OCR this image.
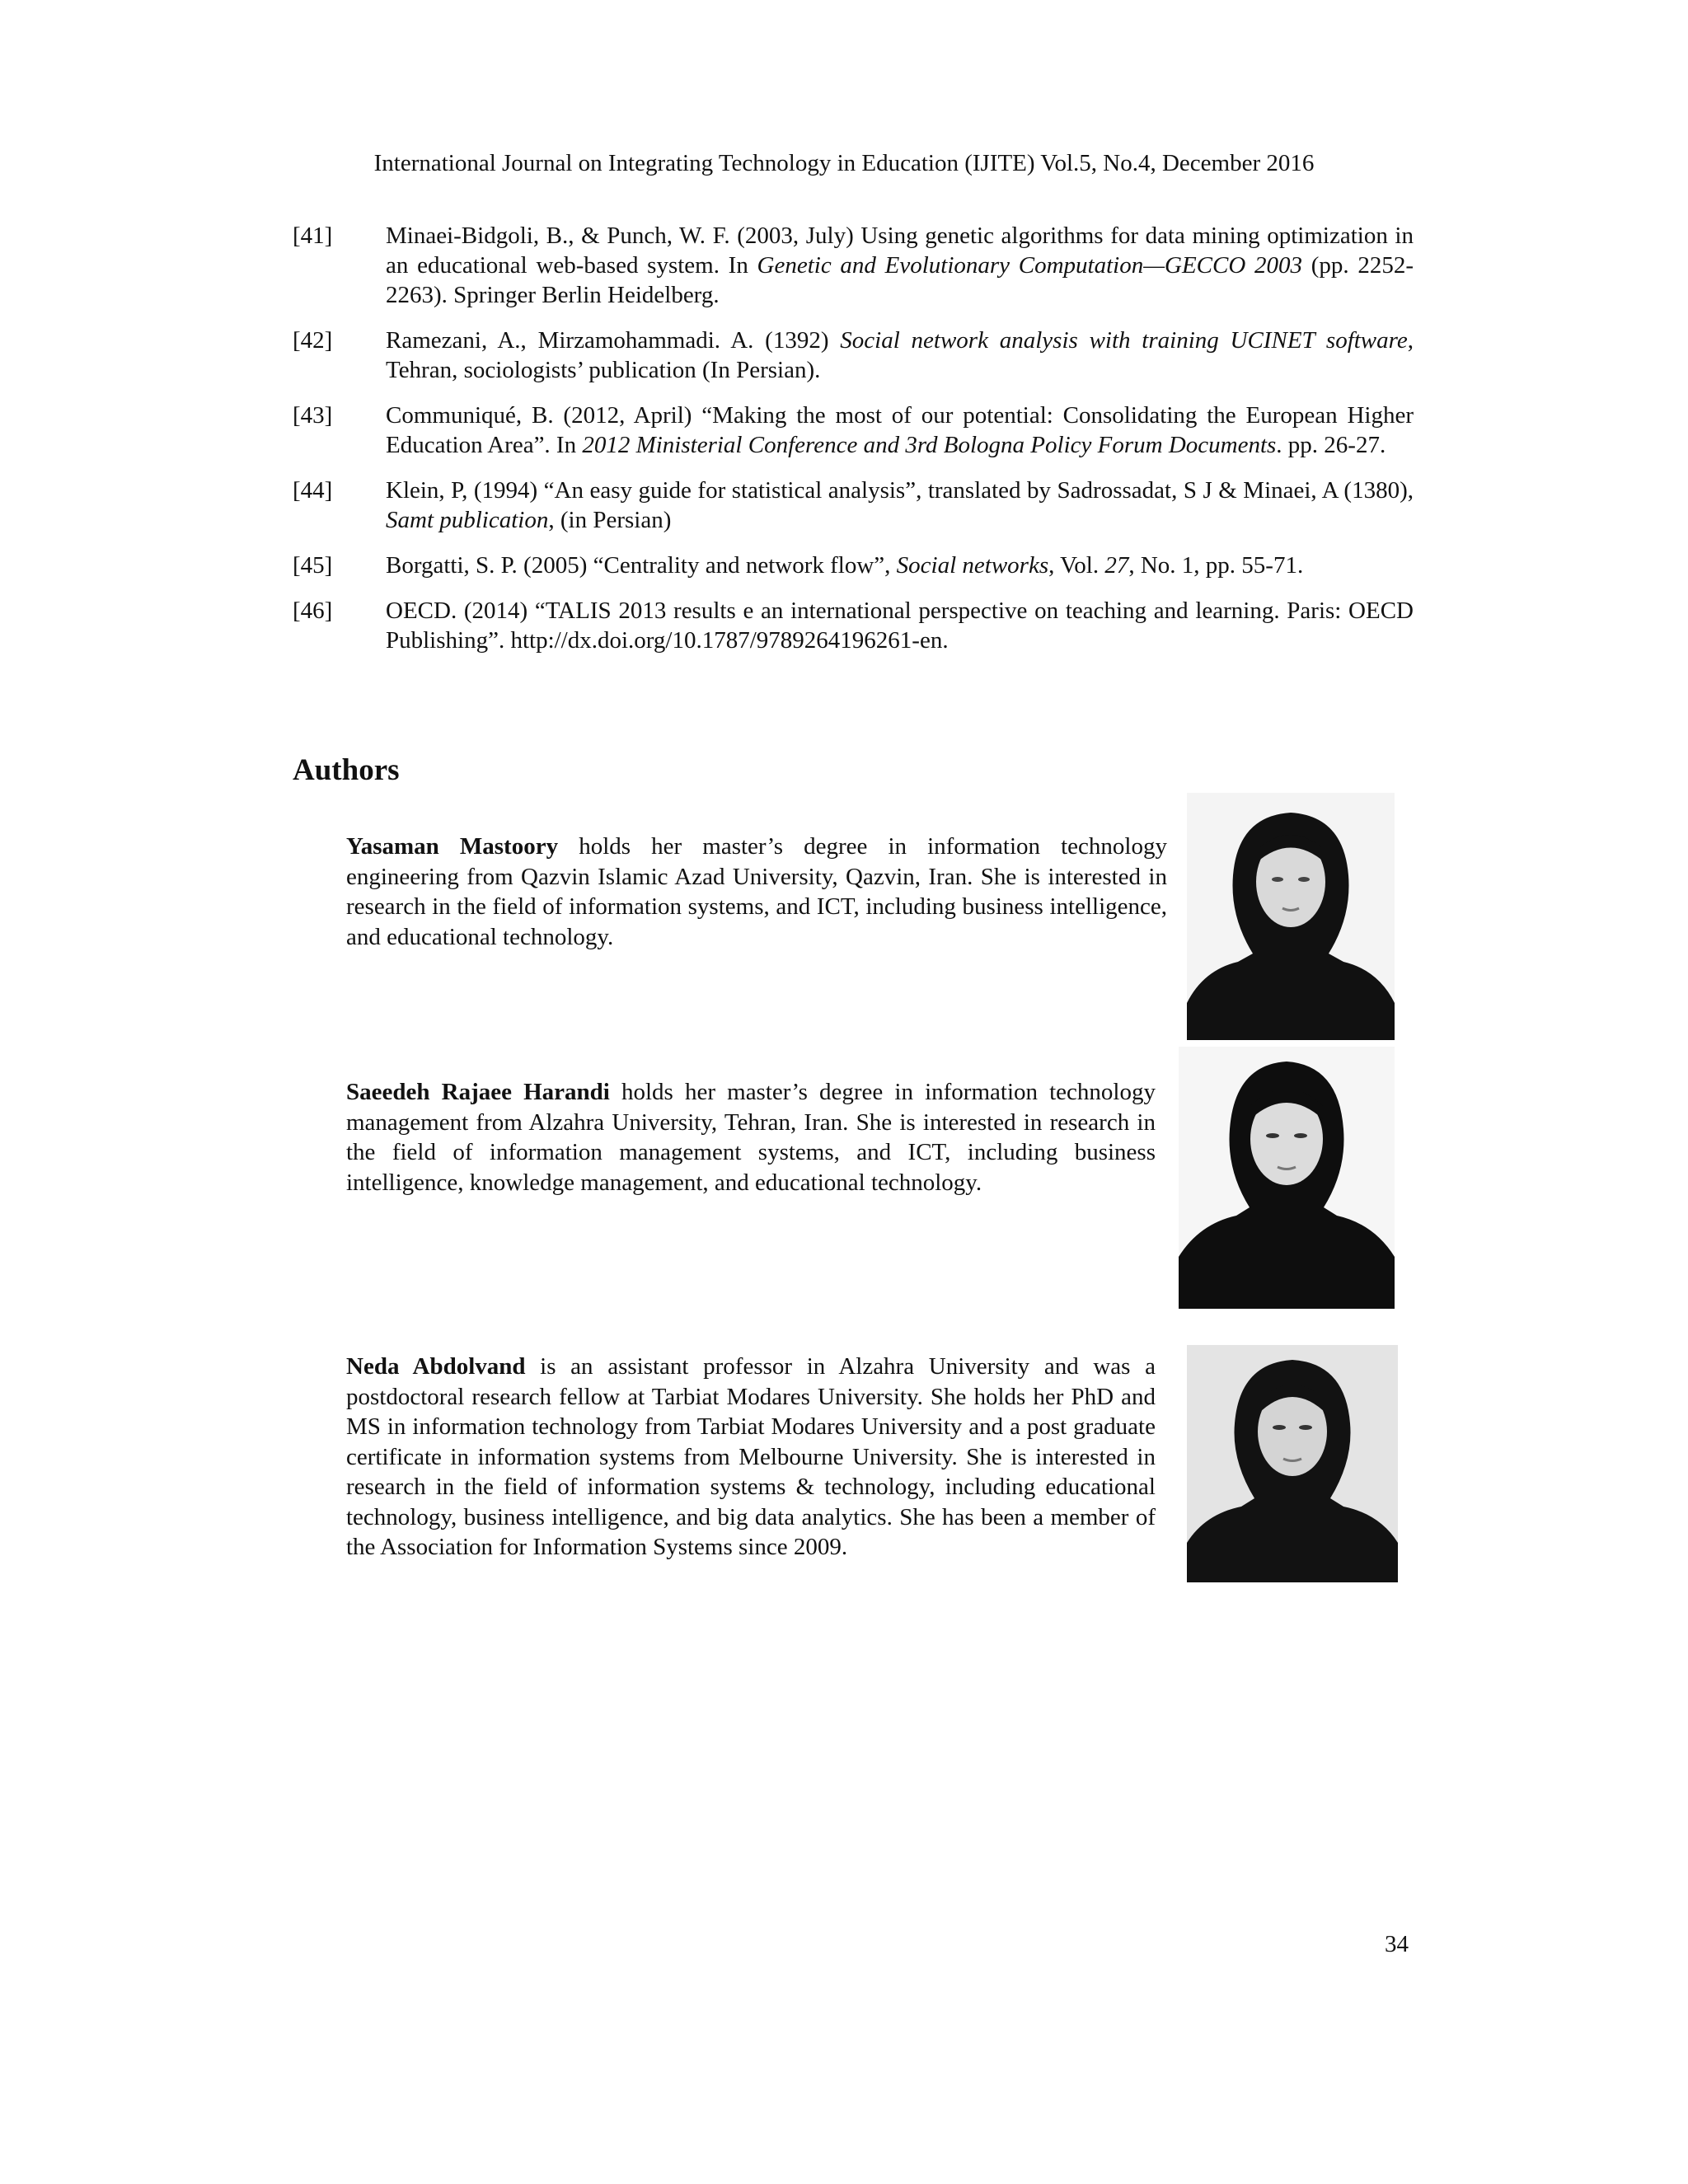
International Journal on Integrating Technology in Education (IJITE) Vol.5, No.4, December 2016
[41]	Minaei-Bidgoli, B., & Punch, W. F. (2003, July) Using genetic algorithms for data mining optimization in an educational web-based system. In Genetic and Evolutionary Computation—GECCO 2003 (pp. 2252-2263). Springer Berlin Heidelberg.
[42]	Ramezani, A., Mirzamohammadi. A. (1392) Social network analysis with training UCINET software, Tehran, sociologists’ publication (In Persian).
[43]	Communiqué, B. (2012, April) “Making the most of our potential: Consolidating the European Higher Education Area”. In 2012 Ministerial Conference and 3rd Bologna Policy Forum Documents. pp. 26-27.
[44]	Klein, P, (1994) “An easy guide for statistical analysis”, translated by Sadrossadat, S J & Minaei, A (1380), Samt publication, (in Persian)
[45]	Borgatti, S. P. (2005) “Centrality and network flow”, Social networks, Vol. 27, No. 1, pp. 55-71.
[46]	OECD. (2014) “TALIS 2013 results e an international perspective on teaching and learning. Paris: OECD Publishing”. http://dx.doi.org/10.1787/9789264196261-en.
Authors
Yasaman Mastoory holds her master’s degree in information technology engineering from Qazvin Islamic Azad University, Qazvin, Iran. She is interested in research in the field of information systems, and ICT, including business intelligence, and educational technology.
Saeedeh Rajaee Harandi holds her master’s degree in information technology management from Alzahra University, Tehran, Iran. She is interested in research in the field of information management systems, and ICT, including business intelligence, knowledge management, and educational technology.
Neda Abdolvand is an assistant professor in Alzahra University and was a postdoctoral research fellow at Tarbiat Modares University. She holds her PhD and MS in information technology from Tarbiat Modares University and a post graduate certificate in information systems from Melbourne University. She is interested in research in the field of information systems & technology, including educational technology, business intelligence, and big data analytics. She has been a member of the Association for Information Systems since 2009.
34
